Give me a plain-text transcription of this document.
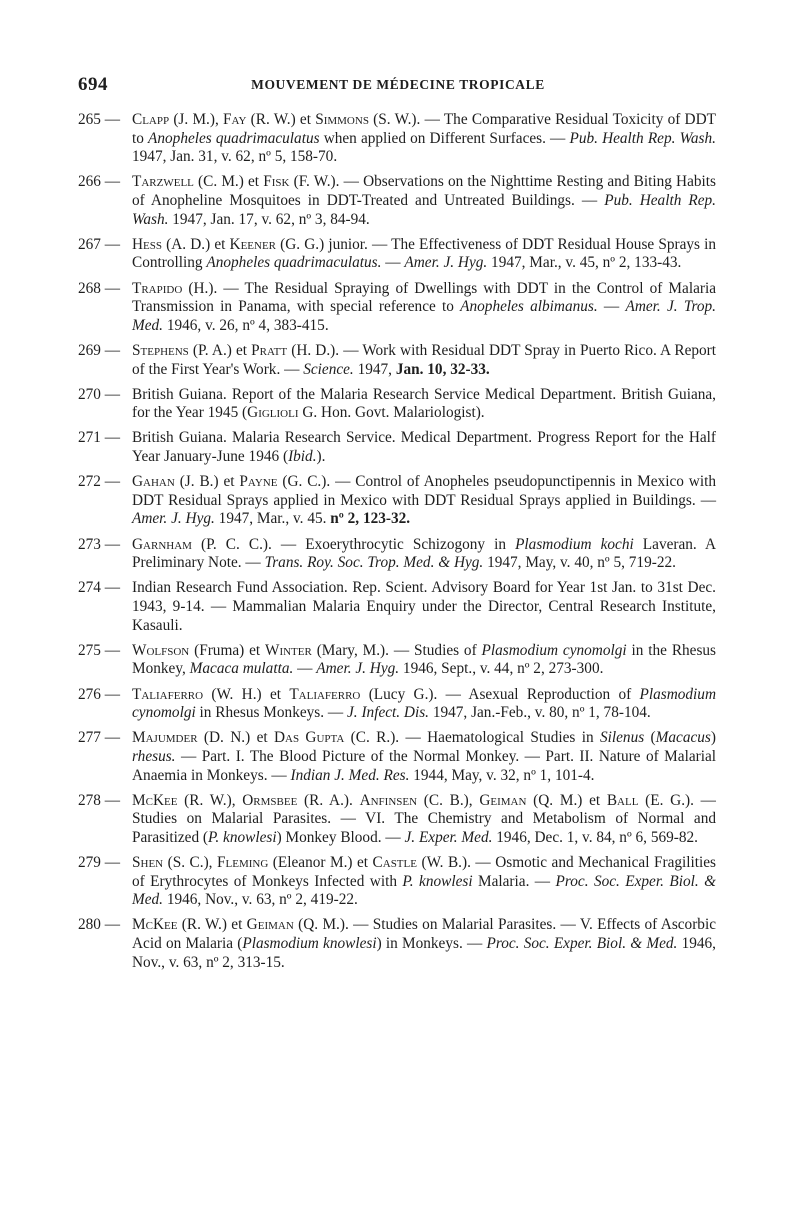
694	MOUVEMENT DE MÉDECINE TROPICALE
265 — Clapp (J. M.), Fay (R. W.) et Simmons (S. W.). — The Comparative Residual Toxicity of DDT to Anopheles quadrimaculatus when applied on Different Surfaces. — Pub. Health Rep. Wash. 1947, Jan. 31, v. 62, nº 5, 158-70.
266 — Tarzwell (C. M.) et Fisk (F. W.). — Observations on the Nighttime Resting and Biting Habits of Anopheline Mosquitoes in DDT-Treated and Untreated Buildings. — Pub. Health Rep. Wash. 1947, Jan. 17, v. 62, nº 3, 84-94.
267 — Hess (A. D.) et Keener (G. G.) junior. — The Effectiveness of DDT Residual House Sprays in Controlling Anopheles quadrimaculatus. — Amer. J. Hyg. 1947, Mar., v. 45, nº 2, 133-43.
268 — Trapido (H.). — The Residual Spraying of Dwellings with DDT in the Control of Malaria Transmission in Panama, with special reference to Anopheles albimanus. — Amer. J. Trop. Med. 1946, v. 26, nº 4, 383-415.
269 — Stephens (P. A.) et Pratt (H. D.). — Work with Residual DDT Spray in Puerto Rico. A Report of the First Year's Work. — Science. 1947, Jan. 10, 32-33.
270 — British Guiana. Report of the Malaria Research Service Medical Department. British Guiana, for the Year 1945 (Giglioli G. Hon. Govt. Malariologist).
271 — British Guiana. Malaria Research Service. Medical Department. Progress Report for the Half Year January-June 1946 (Ibid.).
272 — Gahan (J. B.) et Payne (G. C.). — Control of Anopheles pseudopunctipennis in Mexico with DDT Residual Sprays applied in Mexico with DDT Residual Sprays applied in Buildings. — Amer. J. Hyg. 1947, Mar., v. 45. nº 2, 123-32.
273 — Garnham (P. C. C.). — Exoerythrocytic Schizogony in Plasmodium kochi Laveran. A Preliminary Note. — Trans. Roy. Soc. Trop. Med. & Hyg. 1947, May, v. 40, nº 5, 719-22.
274 — Indian Research Fund Association. Rep. Scient. Advisory Board for Year 1st Jan. to 31st Dec. 1943, 9-14. — Mammalian Malaria Enquiry under the Director, Central Research Institute, Kasauli.
275 — Wolfson (Fruma) et Winter (Mary, M.). — Studies of Plasmodium cynomolgi in the Rhesus Monkey, Macaca mulatta. — Amer. J. Hyg. 1946, Sept., v. 44, nº 2, 273-300.
276 — Taliaferro (W. H.) et Taliaferro (Lucy G.). — Asexual Reproduction of Plasmodium cynomolgi in Rhesus Monkeys. — J. Infect. Dis. 1947, Jan.-Feb., v. 80, nº 1, 78-104.
277 — Majumder (D. N.) et Das Gupta (C. R.). — Haematological Studies in Silenus (Macacus) rhesus. — Part. I. The Blood Picture of the Normal Monkey. — Part. II. Nature of Malarial Anaemia in Monkeys. — Indian J. Med. Res. 1944, May, v. 32, nº 1, 101-4.
278 — McKee (R. W.), Ormsbee (R. A.). Anfinsen (C. B.), Geiman (Q. M.) et Ball (E. G.). — Studies on Malarial Parasites. — VI. The Chemistry and Metabolism of Normal and Parasitized (P. knowlesi) Monkey Blood. — J. Exper. Med. 1946, Dec. 1, v. 84, nº 6, 569-82.
279 — Shen (S. C.), Fleming (Eleanor M.) et Castle (W. B.). — Osmotic and Mechanical Fragilities of Erythrocytes of Monkeys Infected with P. knowlesi Malaria. — Proc. Soc. Exper. Biol. & Med. 1946, Nov., v. 63, nº 2, 419-22.
280 — McKee (R. W.) et Geiman (Q. M.). — Studies on Malarial Parasites. — V. Effects of Ascorbic Acid on Malaria (Plasmodium knowlesi) in Monkeys. — Proc. Soc. Exper. Biol. & Med. 1946, Nov., v. 63, nº 2, 313-15.
